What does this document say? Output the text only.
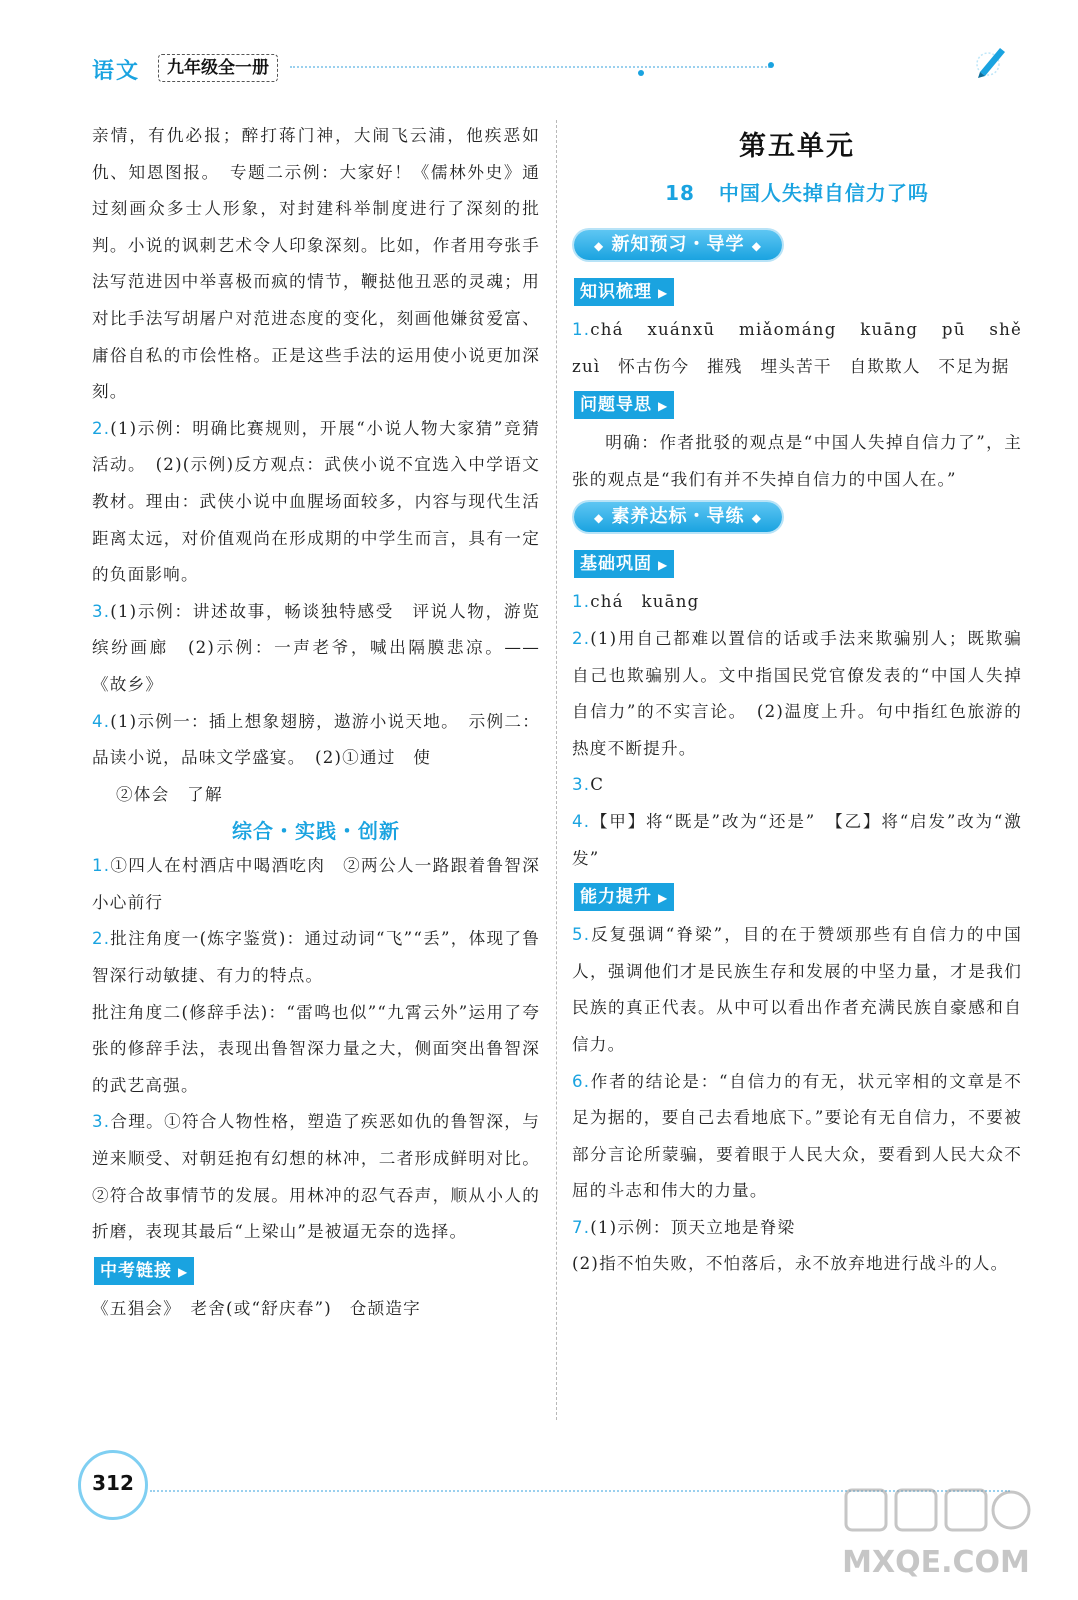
语文	九年级全一册

亲情，有仇必报；醉打蒋门神，大闹飞云浦，他疾恶如仇、知恩图报。　专题二示例：大家好！《儒林外史》通过刻画众多士人形象，对封建科举制度进行了深刻的批判。小说的讽刺艺术令人印象深刻。比如，作者用夸张手法写范进因中举喜极而疯的情节，鞭挞他丑恶的灵魂；用对比手法写胡屠户对范进态度的变化，刻画他嫌贫爱富、庸俗自私的市侩性格。正是这些手法的运用使小说更加深刻。

2.(1)示例：明确比赛规则，开展“小说人物大家猜”竞猜活动。　(2)(示例)反方观点：武侠小说不宜选入中学语文教材。理由：武侠小说中血腥场面较多，内容与现代生活距离太远，对价值观尚在形成期的中学生而言，具有一定的负面影响。

3.(1)示例：讲述故事，畅谈独特感受　评说人物，游览缤纷画廊　(2)示例：一声老爷，喊出隔膜悲凉。——《故乡》

4.(1)示例一：插上想象翅膀，遨游小说天地。　示例二：品读小说，品味文学盛宴。　(2)①通过　使

②体会　了解

综合・实践・创新

1.①四人在村酒店中喝酒吃肉　②两公人一路跟着鲁智深小心前行

2.批注角度一(炼字鉴赏)：通过动词“飞”“丢”，体现了鲁智深行动敏捷、有力的特点。

批注角度二(修辞手法)：“雷鸣也似”“九霄云外”运用了夸张的修辞手法，表现出鲁智深力量之大，侧面突出鲁智深的武艺高强。

3.合理。①符合人物性格，塑造了疾恶如仇的鲁智深，与逆来顺受、对朝廷抱有幻想的林冲，二者形成鲜明对比。②符合故事情节的发展。用林冲的忍气吞声，顺从小人的折磨，表现其最后“上梁山”是被逼无奈的选择。

中考链接 ▶

《五猖会》　老舍(或“舒庆春”)　仓颉造字

第五单元
18 中国人失掉自信力了吗
◆ 新知预习・导学 ◆
知识梳理 ▶

1.chá　xuánxū　miǎománg　kuāng　pū　shě　zuì　怀古伤今　摧残　埋头苦干　自欺欺人　不足为据

问题导思 ▶

明确：作者批驳的观点是“中国人失掉自信力了”，主张的观点是“我们有并不失掉自信力的中国人在。”

◆ 素养达标・导练 ◆
基础巩固 ▶

1.chá　kuāng

2.(1)用自己都难以置信的话或手法来欺骗别人；既欺骗自己也欺骗别人。文中指国民党官僚发表的“中国人失掉自信力”的不实言论。　(2)温度上升。句中指红色旅游的热度不断提升。

3.C

4.【甲】将“既是”改为“还是”　【乙】将“启发”改为“激发”

能力提升 ▶

5.反复强调“脊梁”，目的在于赞颂那些有自信力的中国人，强调他们才是民族生存和发展的中坚力量，才是我们民族的真正代表。从中可以看出作者充满民族自豪感和自信力。

6.作者的结论是：“自信力的有无，状元宰相的文章是不足为据的，要自己去看地底下。”要论有无自信力，不要被部分言论所蒙骗，要着眼于人民大众，要看到人民大众不屈的斗志和伟大的力量。

7.(1)示例：顶天立地是脊梁

(2)指不怕失败，不怕落后，永不放弃地进行战斗的人。

312
MXQE.COM
